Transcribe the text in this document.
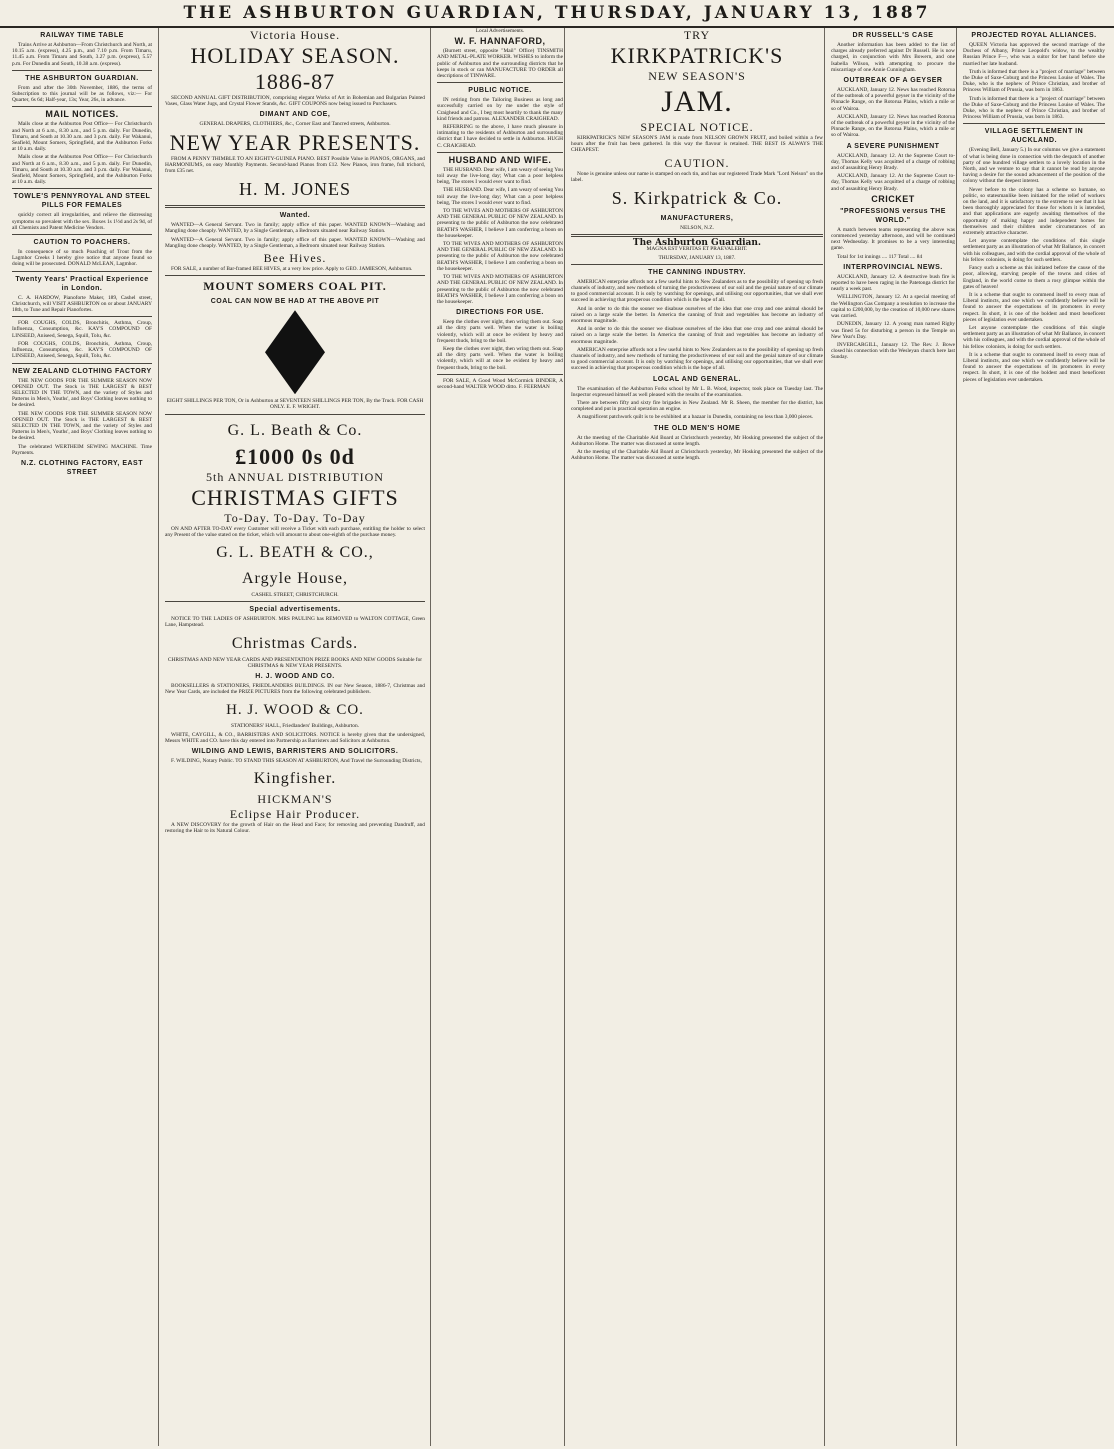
THE ASHBURTON GUARDIAN, THURSDAY, JANUARY 13, 1887
RAILWAY TIME TABLE

Trains Arrive at Ashburton—From Christchurch and North, at 10.15 a.m. (express), 4.25 p.m., and 7.10 p.m. From Timaru, 11.45 a.m. From Timaru and South, 3.27 p.m. (express), 5.57 p.m. For Dunedin and South, 10.38 a.m. (express).

THE ASHBURTON GUARDIAN.

From and after the 30th November, 1886, the terms of Subscription to this journal will be as follows, viz:— For Quarter, 6s 6d; Half-year, 13s; Year, 26s, in advance.

MAIL NOTICES.

Mails close at the Ashburton Post Office— For Christchurch and North at 6 a.m., 8.30 a.m., and 5 p.m. daily. For Dunedin, Timaru, and South at 10.30 a.m. and 3 p.m. daily. For Wakanui, Seafield, Mount Somers, Springfield, and the Ashburton Forks at 10 a.m. daily.

Mails close at the Ashburton Post Office— For Christchurch and North at 6 a.m., 8.30 a.m., and 5 p.m. daily. For Dunedin, Timaru, and South at 10.30 a.m. and 3 p.m. daily. For Wakanui, Seafield, Mount Somers, Springfield, and the Ashburton Forks at 10 a.m. daily.

TOWLE'S PENNYROYAL AND STEEL PILLS FOR FEMALES

quickly correct all irregularities, and relieve the distressing symptoms so prevalent with the sex. Boxes 1s 1½d and 2s 9d, of all Chemists and Patent Medicine Vendors.

CAUTION TO POACHERS.

In consequence of so much Poaching of Trout from the Lagmhor Creeks I hereby give notice that anyone found so doing will be prosecuted. DONALD McLEAN, Lagmhor.

Twenty Years' Practical Experience in London.

C. A. HARDOW, Pianoforte Maker, 189, Cashel street, Christchurch, will VISIT ASHBURTON on or about JANUARY 18th, to Tune and Repair Pianofortes.

FOR COUGHS, COLDS, Bronchitis, Asthma, Croup, Influenza, Consumption, &c. KAY'S COMPOUND OF LINSEED, Aniseed, Senega, Squill, Tolu, &c.

FOR COUGHS, COLDS, Bronchitis, Asthma, Croup, Influenza, Consumption, &c. KAY'S COMPOUND OF LINSEED, Aniseed, Senega, Squill, Tolu, &c.

NEW ZEALAND CLOTHING FACTORY

THE NEW GOODS FOR THE SUMMER SEASON NOW OPENED OUT. The Stock is THE LARGEST & BEST SELECTED IN THE TOWN, and the variety of Styles and Patterns in Men's, Youths', and Boys' Clothing leaves nothing to be desired.

THE NEW GOODS FOR THE SUMMER SEASON NOW OPENED OUT. The Stock is THE LARGEST & BEST SELECTED IN THE TOWN, and the variety of Styles and Patterns in Men's, Youths', and Boys' Clothing leaves nothing to be desired.

The celebrated WERTHEIM SEWING MACHINE. Time Payments.

N.Z. CLOTHING FACTORY, EAST STREET
Victoria House.
HOLIDAY SEASON. 1886-87

SECOND ANNUAL GIFT DISTRIBUTION, comprising elegant Works of Art in Bohemian and Bulgarian Painted Vases, Glass Water Jugs, and Crystal Flower Stands, &c. GIFT COUPONS now being issued to Purchasers.

DIMANT AND COE,

GENERAL DRAPERS, CLOTHIERS, &c., Corner East and Tancred streets, Ashburton.

NEW YEAR PRESENTS.

FROM A PENNY THIMBLE TO AN EIGHTY-GUINEA PIANO. BEST Possible Value in PIANOS, ORGANS, and HARMONIUMS, on easy Monthly Payments. Second-hand Pianos from £12. New Pianos, iron frame, full trichord, from £35 net.

H. M. JONES
Wanted.

WANTED—A General Servant. Two in family; apply office of this paper. WANTED KNOWN—Washing and Mangling done cheaply. WANTED, by a Single Gentleman, a Bedroom situated near Railway Station.

WANTED—A General Servant. Two in family; apply office of this paper. WANTED KNOWN—Washing and Mangling done cheaply. WANTED, by a Single Gentleman, a Bedroom situated near Railway Station.

Bee Hives.

FOR SALE, a number of Bar-framed BEE HIVES, at a very low price. Apply to GEO. JAMIESON, Ashburton.

MOUNT SOMERS COAL PIT.
COAL CAN NOW BE HAD AT THE ABOVE PIT

EIGHT SHILLINGS PER TON, Or in Ashburton at SEVENTEEN SHILLINGS PER TON, By the Truck. FOR CASH ONLY. E. F. WRIGHT.

G. L. Beath & Co.
£1000 0s 0d
5th ANNUAL DISTRIBUTION
CHRISTMAS GIFTS
To-Day. To-Day. To-Day

ON AND AFTER TO-DAY every Customer will receive a Ticket with each purchase, entitling the holder to select any Present of the value stated on the ticket, which will amount to about one-eighth of the purchase money.

G. L. BEATH & CO.,
Argyle House,

CASHEL STREET, CHRISTCHURCH.

Special advertisements.

NOTICE TO THE LADIES OF ASHBURTON. MRS PAULING has REMOVED to WALTON COTTAGE, Green Lane, Hampstead.

Christmas Cards.

CHRISTMAS AND NEW YEAR CARDS AND PRESENTATION PRIZE BOOKS AND NEW GOODS Suitable for CHRISTMAS & NEW YEAR PRESENTS.

H. J. WOOD AND CO.

BOOKSELLERS & STATIONERS, FRIEDLANDERS BUILDINGS. IN our New Season, 1886-7, Christmas and New Year Cards, are included the PRIZE PICTURES from the following celebrated publishers.

H. J. WOOD & CO.

STATIONERS' HALL, Friedlanders' Buildings, Ashburton.

WHITE, CAYGILL, & CO., BARRISTERS AND SOLICITORS. NOTICE is hereby given that the undersigned, Messrs WHITE and CO. have this day entered into Partnership as Barristers and Solicitors at Ashburton.

WILDING AND LEWIS, BARRISTERS AND SOLICITORS.

F. WILDING, Notary Public. TO STAND THIS SEASON AT ASHBURTON, And Travel the Surrounding Districts,

Kingfisher.
HICKMAN'S
Eclipse Hair Producer.

A NEW DISCOVERY for the growth of Hair on the Head and Face; for removing and preventing Dandruff, and restoring the Hair to its Natural Colour.

Local Advertisements.

W. F. HANNAFORD,

(Burnett street, opposite "Mail" Office) TINSMITH AND METAL-PLATE WORKER. WISHES to inform the public of Ashburton and the surrounding districts that he keeps in stock or can MANUFACTURE TO ORDER all descriptions of TINWARE.

PUBLIC NOTICE.

IN retiring from the Tailoring Business as long and successfully carried on by me under the style of Craighead and Co., I beg most heartily to thank the many kind friends and patrons. ALEXANDER CRAIGHEAD.

REFERRING to the above, I have much pleasure in intimating to the residents of Ashburton and surrounding district that I have decided to settle in Ashburton. HUGH C. CRAIGHEAD.

HUSBAND AND WIFE.

THE HUSBAND. Dear wife, I am weary of seeing You toil away the live-long day; What can a poor helpless being, The stores I would ever want to find.

THE HUSBAND. Dear wife, I am weary of seeing You toil away the live-long day; What can a poor helpless being, The stores I would ever want to find.

TO THE WIVES AND MOTHERS OF ASHBURTON AND THE GENERAL PUBLIC OF NEW ZEALAND. In presenting to the public of Ashburton the now celebrated BEATH'S WASHER, I believe I am conferring a boon on the housekeeper.

TO THE WIVES AND MOTHERS OF ASHBURTON AND THE GENERAL PUBLIC OF NEW ZEALAND. In presenting to the public of Ashburton the now celebrated BEATH'S WASHER, I believe I am conferring a boon on the housekeeper.

TO THE WIVES AND MOTHERS OF ASHBURTON AND THE GENERAL PUBLIC OF NEW ZEALAND. In presenting to the public of Ashburton the now celebrated BEATH'S WASHER, I believe I am conferring a boon on the housekeeper.

DIRECTIONS FOR USE.

Keep the clothes over night, then wring them out. Soap all the dirty parts well. When the water is boiling violently, which will at once be evident by heavy and frequent thuds, bring to the boil.

Keep the clothes over night, then wring them out. Soap all the dirty parts well. When the water is boiling violently, which will at once be evident by heavy and frequent thuds, bring to the boil.

FOR SALE, A Good Wood McCormick BINDER, A second-hand WALTER WOOD ditto. F. FEERMAN

TRY
KIRKPATRICK'S
NEW SEASON'S
JAM.
SPECIAL NOTICE.

KIRKPATRICK'S NEW SEASON'S JAM is made from NELSON GROWN FRUIT, and boiled within a few hours after the fruit has been gathered. In this way the flavour is retained. THE BEST IS ALWAYS THE CHEAPEST.

CAUTION.

None is genuine unless our name is stamped on each tin, and has our registered Trade Mark "Lord Nelson" on the label.

S. Kirkpatrick & Co.
MANUFACTURERS,

NELSON, N.Z.

The Ashburton Guardian.

MAGNA EST VERITAS ET PRAEVALEBIT.

THURSDAY, JANUARY 13, 1887.

THE CANNING INDUSTRY.

AMERICAN enterprise affords not a few useful hints to New Zealanders as to the possibility of opening up fresh channels of industry, and new methods of turning the productiveness of our soil and the genial nature of our climate to good commercial account. It is only by watching for openings, and utilising our opportunities, that we shall ever succeed in achieving that prosperous condition which is the hope of all.

And in order to do this the sooner we disabuse ourselves of the idea that one crop and one animal should be raised on a large scale the better. In America the canning of fruit and vegetables has become an industry of enormous magnitude.

And in order to do this the sooner we disabuse ourselves of the idea that one crop and one animal should be raised on a large scale the better. In America the canning of fruit and vegetables has become an industry of enormous magnitude.

AMERICAN enterprise affords not a few useful hints to New Zealanders as to the possibility of opening up fresh channels of industry, and new methods of turning the productiveness of our soil and the genial nature of our climate to good commercial account. It is only by watching for openings, and utilising our opportunities, that we shall ever succeed in achieving that prosperous condition which is the hope of all.

LOCAL AND GENERAL.

The examination of the Ashburton Forks school by Mr L. B. Wood, inspector, took place on Tuesday last. The Inspector expressed himself as well pleased with the results of the examination.

There are between fifty and sixty fire brigades in New Zealand. Mr R. Sheen, the member for the district, has completed and put in practical operation an engine.

A magnificent patchwork quilt is to be exhibited at a bazaar in Dunedin, containing no less than 3,000 pieces.

THE OLD MEN'S HOME

At the meeting of the Charitable Aid Board at Christchurch yesterday, Mr Hosking presented the subject of the Ashburton Home. The matter was discussed at some length.

At the meeting of the Charitable Aid Board at Christchurch yesterday, Mr Hosking presented the subject of the Ashburton Home. The matter was discussed at some length.

DR RUSSELL'S CASE

Another information has been added to the list of charges already preferred against Dr Russell. He is now charged, in conjunction with Mrs Bowern, and one Isabella Wilson, with attempting to procure the miscarriage of one Annie Cunningham.

OUTBREAK OF A GEYSER

AUCKLAND, January 12. News has reached Rotorua of the outbreak of a powerful geyser in the vicinity of the Pinnacle Range, on the Rotorua Plains, which a mile or so of Wairoa.

AUCKLAND, January 12. News has reached Rotorua of the outbreak of a powerful geyser in the vicinity of the Pinnacle Range, on the Rotorua Plains, which a mile or so of Wairoa.

A SEVERE PUNISHMENT

AUCKLAND, January 12. At the Supreme Court to-day, Thomas Kelly was acquitted of a charge of robbing and of assaulting Henry Brady.

AUCKLAND, January 12. At the Supreme Court to-day, Thomas Kelly was acquitted of a charge of robbing and of assaulting Henry Brady.

CRICKET
"PROFESSIONS versus THE WORLD."

A match between teams representing the above was commenced yesterday afternoon, and will be continued next Wednesday. It promises to be a very interesting game.

Total for 1st innings .... 117 Total .... 84

INTERPROVINCIAL NEWS.

AUCKLAND, January 12. A destructive bush fire is reported to have been raging in the Patetonga district for nearly a week past.

WELLINGTON, January 12. At a special meeting of the Wellington Gas Company a resolution to increase the capital to £200,000, by the creation of 10,000 new shares was carried.

DUNEDIN, January 12. A young man named Rigby was fined 5s for disturbing a person in the Temple on New Year's Day.

INVERCARGILL, January 12. The Rev. J. Bowe closed his connection with the Wesleyan church here last Sunday.

PROJECTED ROYAL ALLIANCES.

QUEEN Victoria has approved the second marriage of the Duchess of Albany, Prince Leopold's widow, to the wealthy Russian Prince F—, who was a suitor for her hand before she married her late husband.

Truth is informed that there is a "project of marriage" between the Duke of Saxe-Coburg and the Princess Louise of Wales. The Duke, who is the nephew of Prince Christian, and brother of Princess William of Prussia, was born in 1863.

Truth is informed that there is a "project of marriage" between the Duke of Saxe-Coburg and the Princess Louise of Wales. The Duke, who is the nephew of Prince Christian, and brother of Princess William of Prussia, was born in 1863.

VILLAGE SETTLEMENT IN AUCKLAND.

(Evening Bell, January 5.) In our columns we give a statement of what is being done in connection with the despatch of another party of one hundred village settlers to a lovely location in the North, and we venture to say that it cannot be read by anyone having a desire for the sound advancement of the position of the colony without the deepest interest.

Never before to the colony has a scheme so humane, so politic, so statesmanlike been initiated for the relief of workers on the land, and it is satisfactory to the extreme to see that it has been thoroughly appreciated for those for whom it is intended, and that applications are eagerly awaiting themselves of the opportunity of making happy and independent homes for themselves and their children under circumstances of an extremely attractive character.

Let anyone contemplate the conditions of this single settlement party as an illustration of what Mr Ballance, in concert with his colleagues, and with the cordial approval of the whole of his fellow colonists, is doing for such settlers.

Fancy such a scheme as this initiated before the cause of the poor, allowing, starving people of the towns and cities of England, in the world come to them a rosy glimpse within the gates of heaven!

It is a scheme that ought to commend itself to every man of Liberal instincts, and one which we confidently believe will be found to answer the expectations of its promoters in every respect. In short, it is one of the boldest and most beneficent pieces of legislation ever undertaken.

Let anyone contemplate the conditions of this single settlement party as an illustration of what Mr Ballance, in concert with his colleagues, and with the cordial approval of the whole of his fellow colonists, is doing for such settlers.

It is a scheme that ought to commend itself to every man of Liberal instincts, and one which we confidently believe will be found to answer the expectations of its promoters in every respect. In short, it is one of the boldest and most beneficent pieces of legislation ever undertaken.
